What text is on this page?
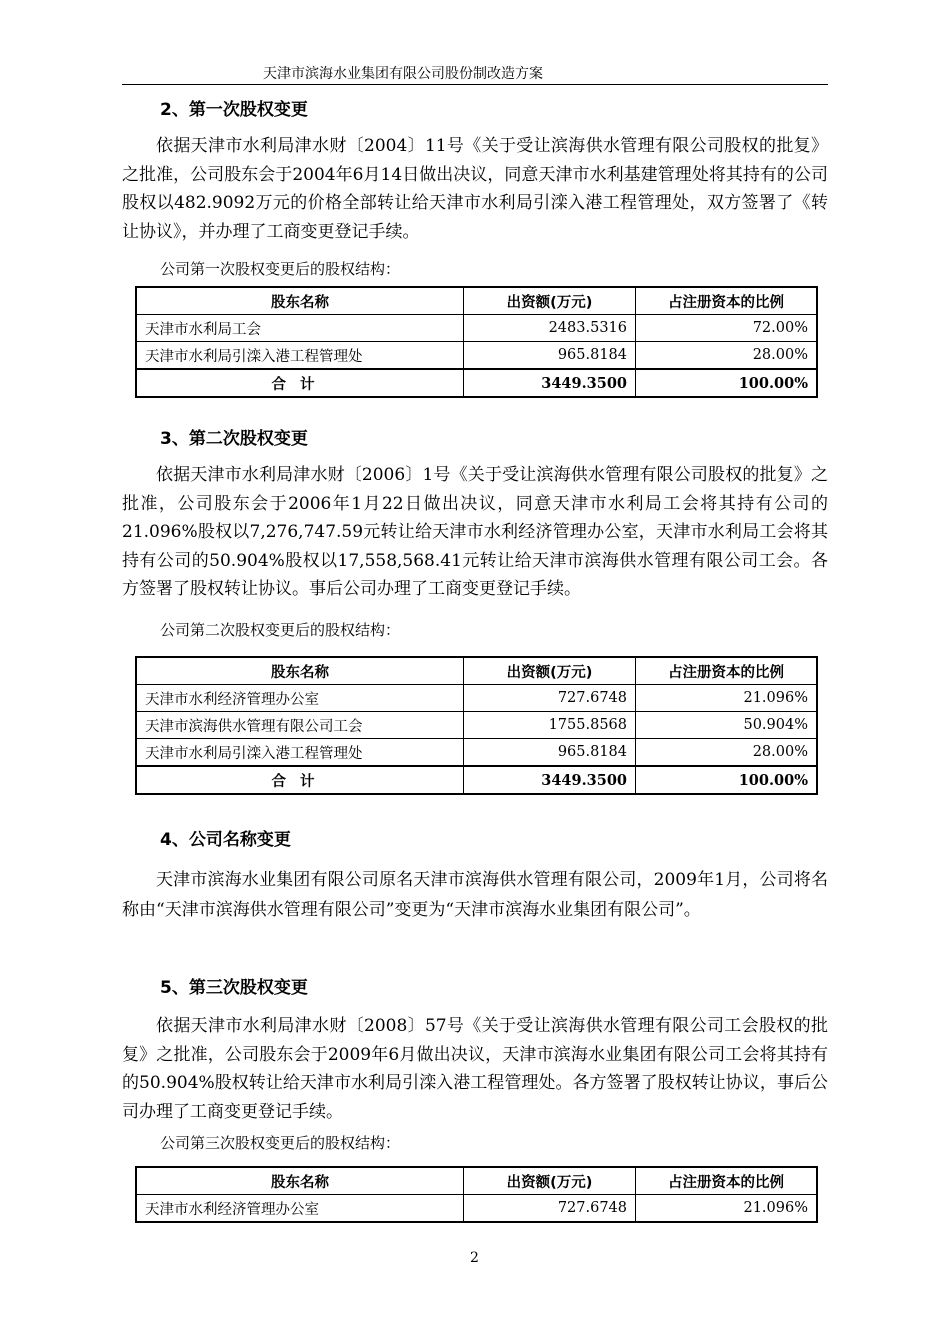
天津市滨海水业集团有限公司股份制改造方案
2、第一次股权变更
依据天津市水利局津水财〔2004〕11号《关于受让滨海供水管理有限公司股权的批复》之批准，公司股东会于2004年6月14日做出决议，同意天津市水利基建管理处将其持有的公司股权以482.9092万元的价格全部转让给天津市水利局引滦入港工程管理处，双方签署了《转让协议》，并办理了工商变更登记手续。
公司第一次股权变更后的股权结构：
股东名称	出资额(万元)	占注册资本的比例
天津市水利局工会	2483.5316	72.00%
天津市水利局引滦入港工程管理处	965.8184	28.00%
合计	3449.3500	100.00%
3、第二次股权变更
依据天津市水利局津水财〔2006〕1号《关于受让滨海供水管理有限公司股权的批复》之批准，公司股东会于2006年1月22日做出决议，同意天津市水利局工会将其持有公司的21.096%股权以7,276,747.59元转让给天津市水利经济管理办公室，天津市水利局工会将其持有公司的50.904%股权以17,558,568.41元转让给天津市滨海供水管理有限公司工会。各方签署了股权转让协议。事后公司办理了工商变更登记手续。
公司第二次股权变更后的股权结构：
股东名称	出资额(万元)	占注册资本的比例
天津市水利经济管理办公室	727.6748	21.096%
天津市滨海供水管理有限公司工会	1755.8568	50.904%
天津市水利局引滦入港工程管理处	965.8184	28.00%
合计	3449.3500	100.00%
4、公司名称变更
天津市滨海水业集团有限公司原名天津市滨海供水管理有限公司，2009年1月，公司将名称由“天津市滨海供水管理有限公司”变更为“天津市滨海水业集团有限公司”。
5、第三次股权变更
依据天津市水利局津水财〔2008〕57号《关于受让滨海供水管理有限公司工会股权的批复》之批准，公司股东会于2009年6月做出决议，天津市滨海水业集团有限公司工会将其持有的50.904%股权转让给天津市水利局引滦入港工程管理处。各方签署了股权转让协议，事后公司办理了工商变更登记手续。
公司第三次股权变更后的股权结构：
股东名称	出资额(万元)	占注册资本的比例
天津市水利经济管理办公室	727.6748	21.096%
2
